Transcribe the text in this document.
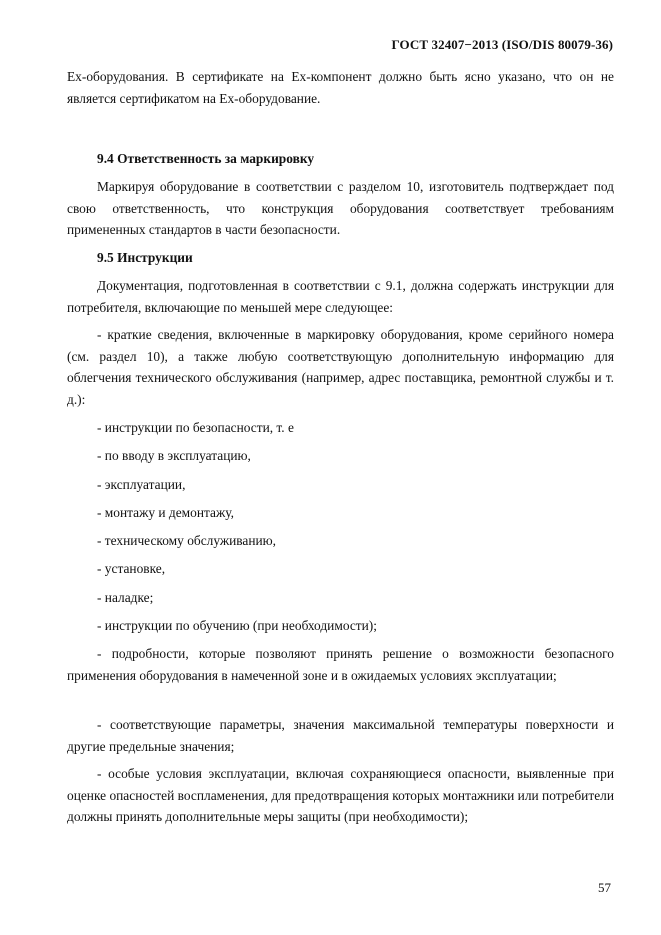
ГОСТ 32407−2013 (ISO/DIS 80079-36)
Ex-оборудования. В сертификате на Ex-компонент должно быть ясно указано, что он не является сертификатом на Ex-оборудование.
9.4 Ответственность за маркировку
Маркируя оборудование в соответствии с разделом 10, изготовитель подтверждает под свою ответственность, что конструкция оборудования соответствует требованиям примененных стандартов в части безопасности.
9.5 Инструкции
Документация, подготовленная в соответствии с 9.1, должна содержать инструкции для потребителя, включающие по меньшей мере следующее:
- краткие сведения, включенные в маркировку оборудования, кроме серийного номера (см. раздел 10), а также любую соответствующую дополнительную информацию для облегчения технического обслуживания (например, адрес поставщика, ремонтной службы и т. д.):
- инструкции по безопасности, т. е
- по вводу в эксплуатацию,
- эксплуатации,
- монтажу и демонтажу,
- техническому обслуживанию,
- установке,
- наладке;
- инструкции по обучению (при необходимости);
- подробности, которые позволяют принять решение о возможности безопасного применения оборудования в намеченной зоне и в ожидаемых условиях эксплуатации;
- соответствующие параметры, значения максимальной температуры поверхности и другие предельные значения;
- особые условия эксплуатации, включая сохраняющиеся опасности, выявленные при оценке опасностей воспламенения, для предотвращения которых монтажники или потребители должны принять дополнительные меры защиты (при необходимости);
57
